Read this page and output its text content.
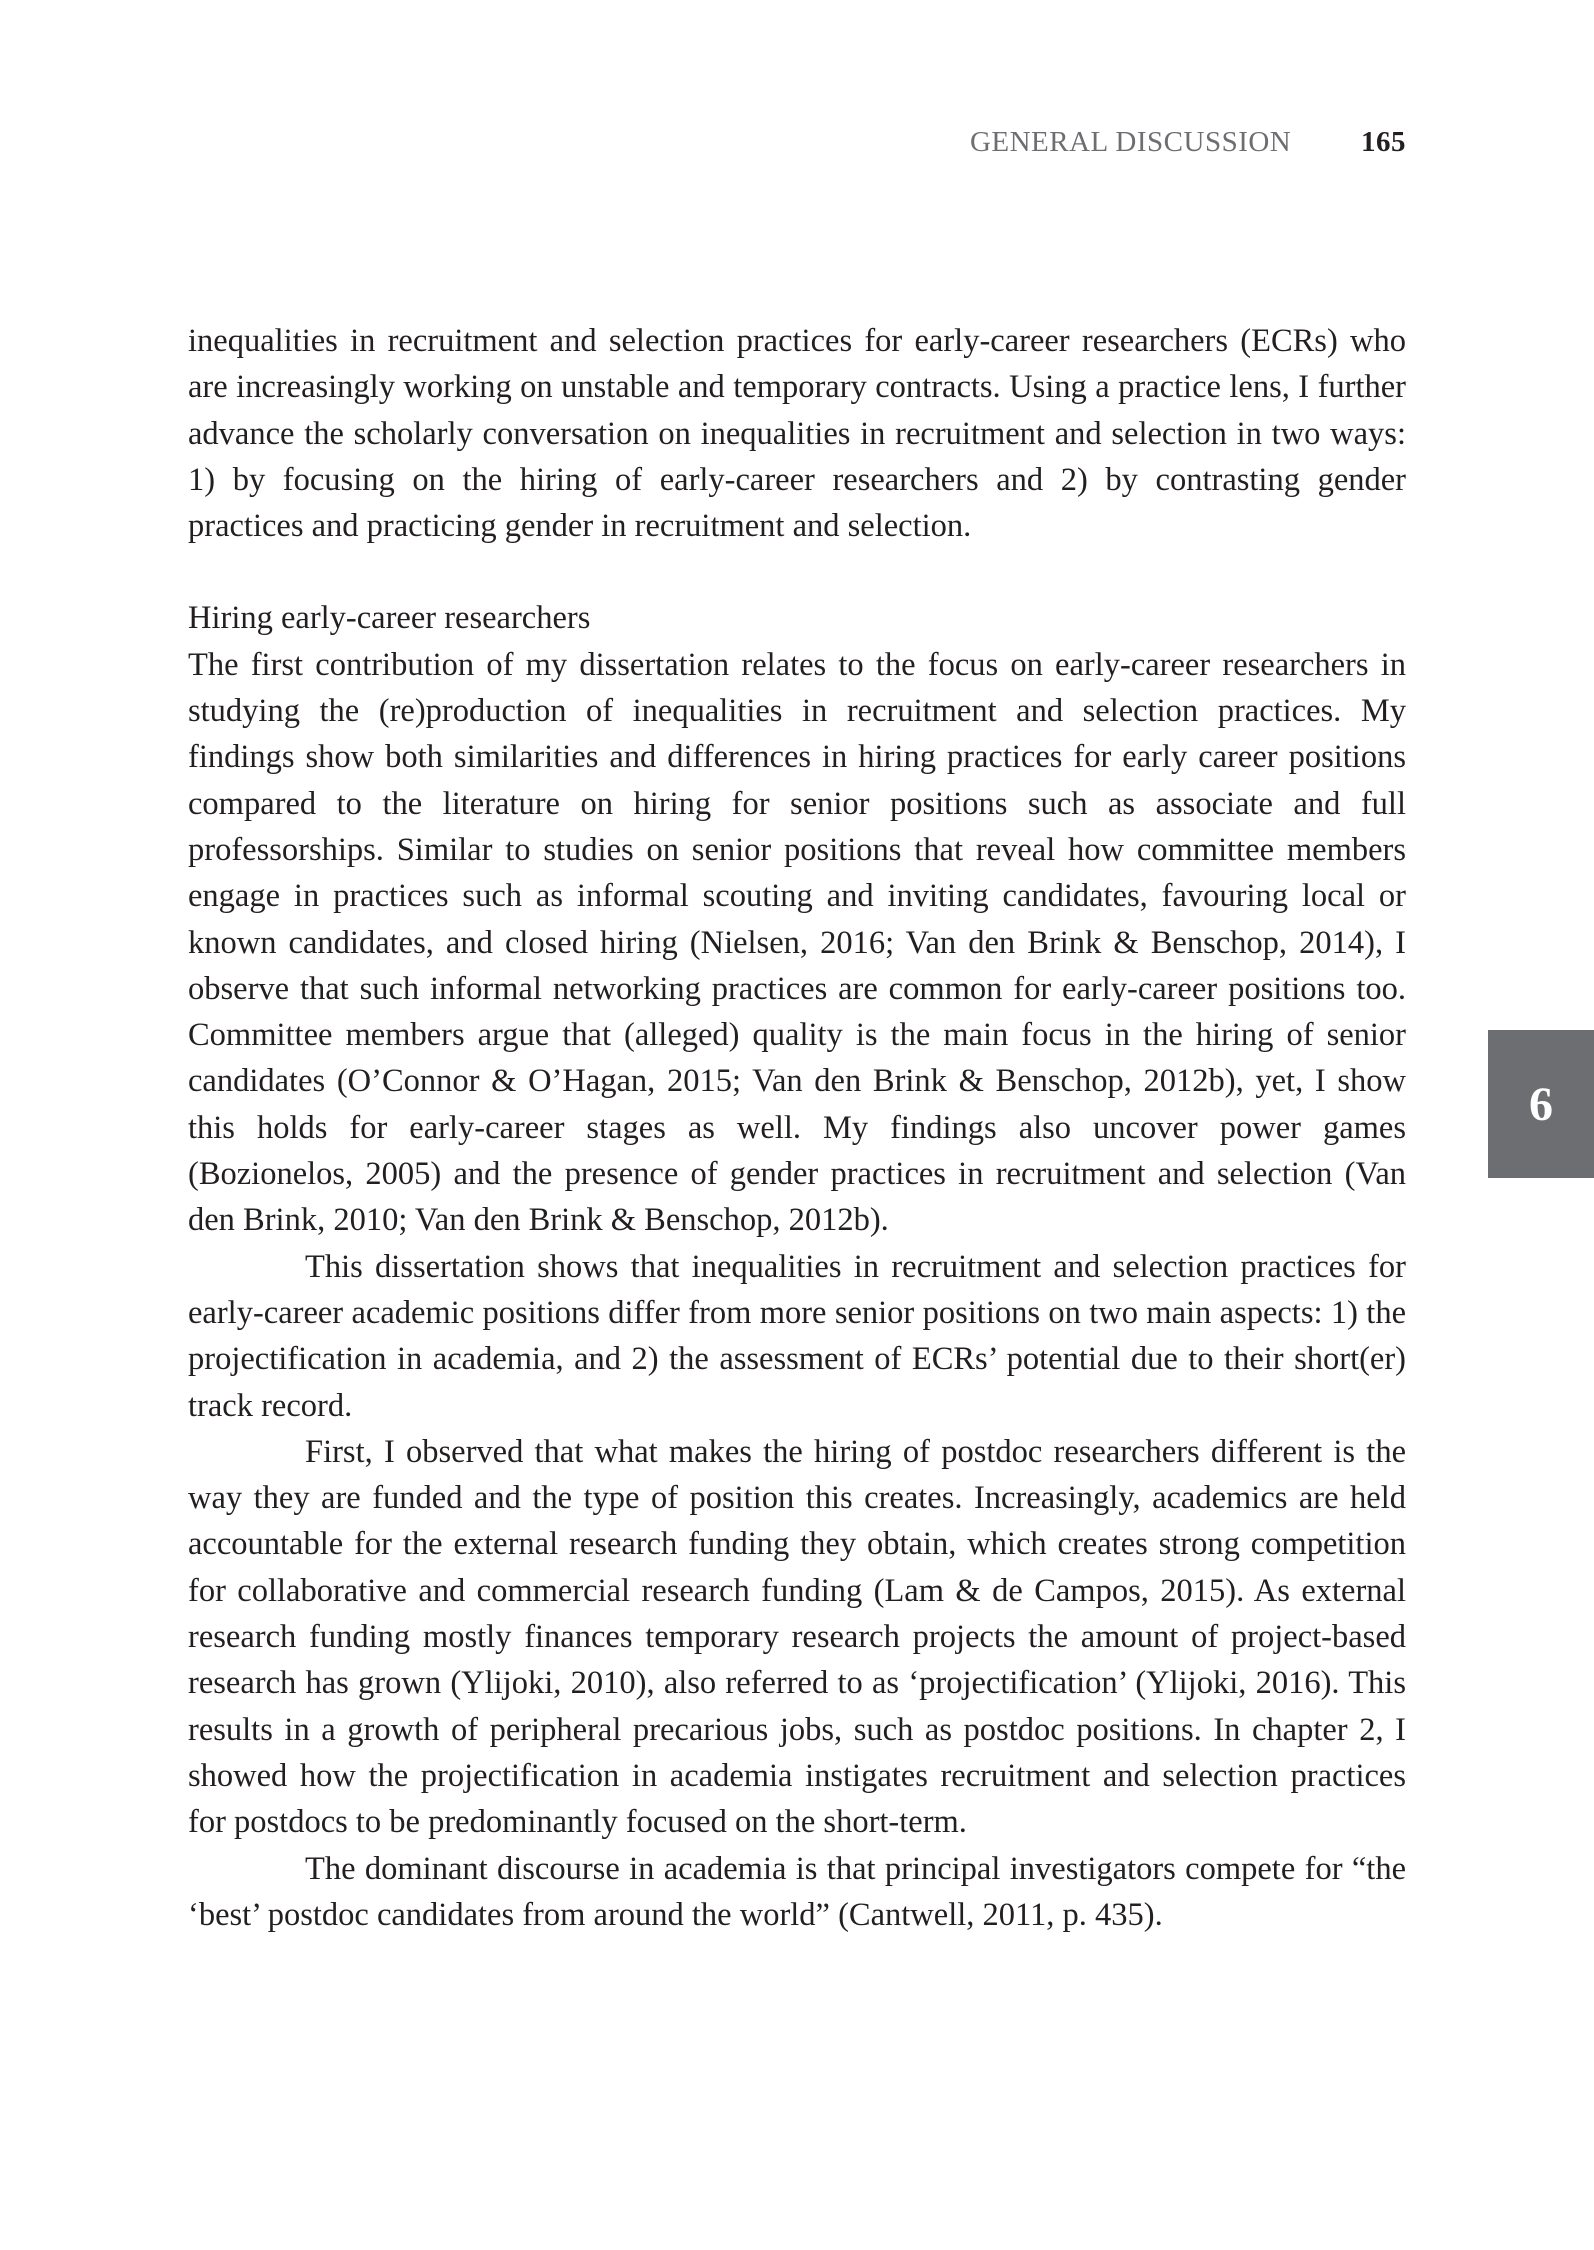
GENERAL DISCUSSION 165

inequalities in recruitment and selection practices for early-career researchers (ECRs) who are increasingly working on unstable and temporary contracts. Using a practice lens, I further advance the scholarly conversation on inequalities in recruitment and selection in two ways: 1) by focusing on the hiring of early-career researchers and 2) by contrasting gender practices and practicing gender in recruitment and selection.

Hiring early-career researchers

The first contribution of my dissertation relates to the focus on early-career researchers in studying the (re)production of inequalities in recruitment and selection practices. My findings show both similarities and differences in hiring practices for early career positions compared to the literature on hiring for senior positions such as associate and full professorships. Similar to studies on senior positions that reveal how committee members engage in practices such as informal scouting and inviting candidates, favouring local or known candidates, and closed hiring (Nielsen, 2016; Van den Brink & Benschop, 2014), I observe that such informal networking practices are common for early-career positions too. Committee members argue that (alleged) quality is the main focus in the hiring of senior candidates (O’Connor & O’Hagan, 2015; Van den Brink & Benschop, 2012b), yet, I show this holds for early-career stages as well. My findings also uncover power games (Bozionelos, 2005) and the presence of gender practices in recruitment and selection (Van den Brink, 2010; Van den Brink & Benschop, 2012b).

This dissertation shows that inequalities in recruitment and selection practices for early-career academic positions differ from more senior positions on two main aspects: 1) the projectification in academia, and 2) the assessment of ECRs’ potential due to their short(er) track record.

First, I observed that what makes the hiring of postdoc researchers different is the way they are funded and the type of position this creates. Increasingly, academics are held accountable for the external research funding they obtain, which creates strong competition for collaborative and commercial research funding (Lam & de Campos, 2015). As external research funding mostly finances temporary research projects the amount of project-based research has grown (Ylijoki, 2010), also referred to as ‘projectification’ (Ylijoki, 2016). This results in a growth of peripheral precarious jobs, such as postdoc positions. In chapter 2, I showed how the projectification in academia instigates recruitment and selection practices for postdocs to be predominantly focused on the short-term.

The dominant discourse in academia is that principal investigators compete for “the ‘best’ postdoc candidates from around the world” (Cantwell, 2011, p. 435).

6
